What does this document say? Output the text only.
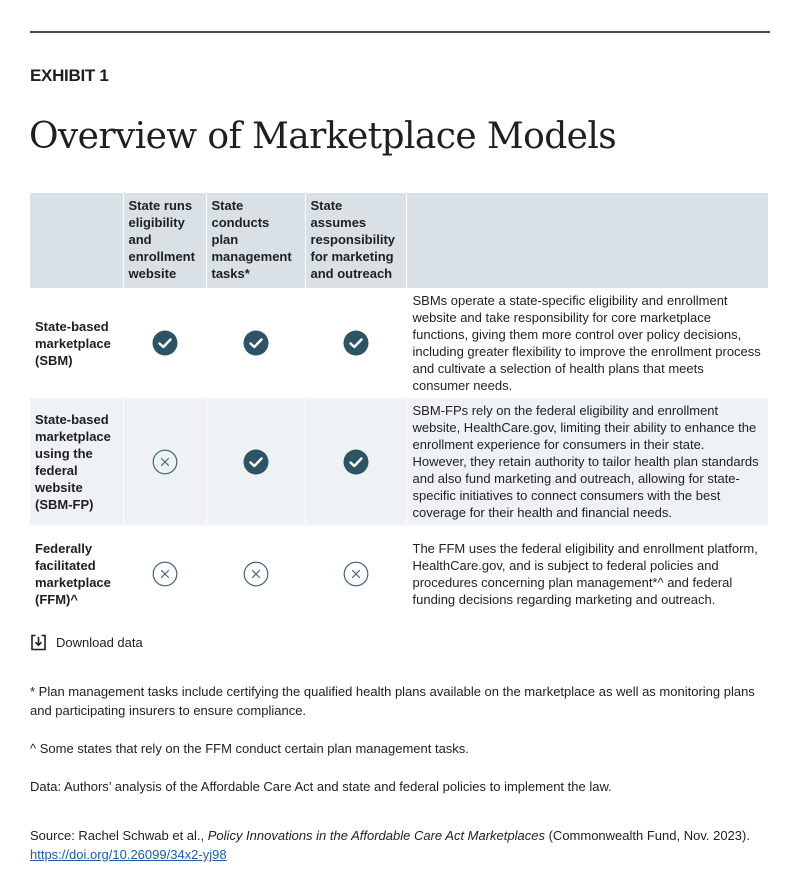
EXHIBIT 1
Overview of Marketplace Models
	State runs eligibility and enrollment website	State conducts plan management tasks*	State assumes responsibility for marketing and outreach	
State-based marketplace (SBM)				SBMs operate a state-specific eligibility and enrollment website and take responsibility for core marketplace functions, giving them more control over policy decisions, including greater flexibility to improve the enrollment process and cultivate a selection of health plans that meets consumer needs.
State-based marketplace using the federal website (SBM-FP)				SBM-FPs rely on the federal eligibility and enrollment website, HealthCare.gov, limiting their ability to enhance the enrollment experience for consumers in their state. However, they retain authority to tailor health plan standards and also fund marketing and outreach, allowing for state-specific initiatives to connect consumers with the best coverage for their health and financial needs.
Federally facilitated marketplace (FFM)^				The FFM uses the federal eligibility and enrollment platform, HealthCare.gov, and is subject to federal policies and procedures concerning plan management*^ and federal funding decisions regarding marketing and outreach.
Download data
* Plan management tasks include certifying the qualified health plans available on the marketplace as well as monitoring plans and participating insurers to ensure compliance.
^ Some states that rely on the FFM conduct certain plan management tasks.
Data: Authors’ analysis of the Affordable Care Act and state and federal policies to implement the law.
Source: Rachel Schwab et al., Policy Innovations in the Affordable Care Act Marketplaces (Commonwealth Fund, Nov. 2023). https://doi.org/10.26099/34x2-yj98
